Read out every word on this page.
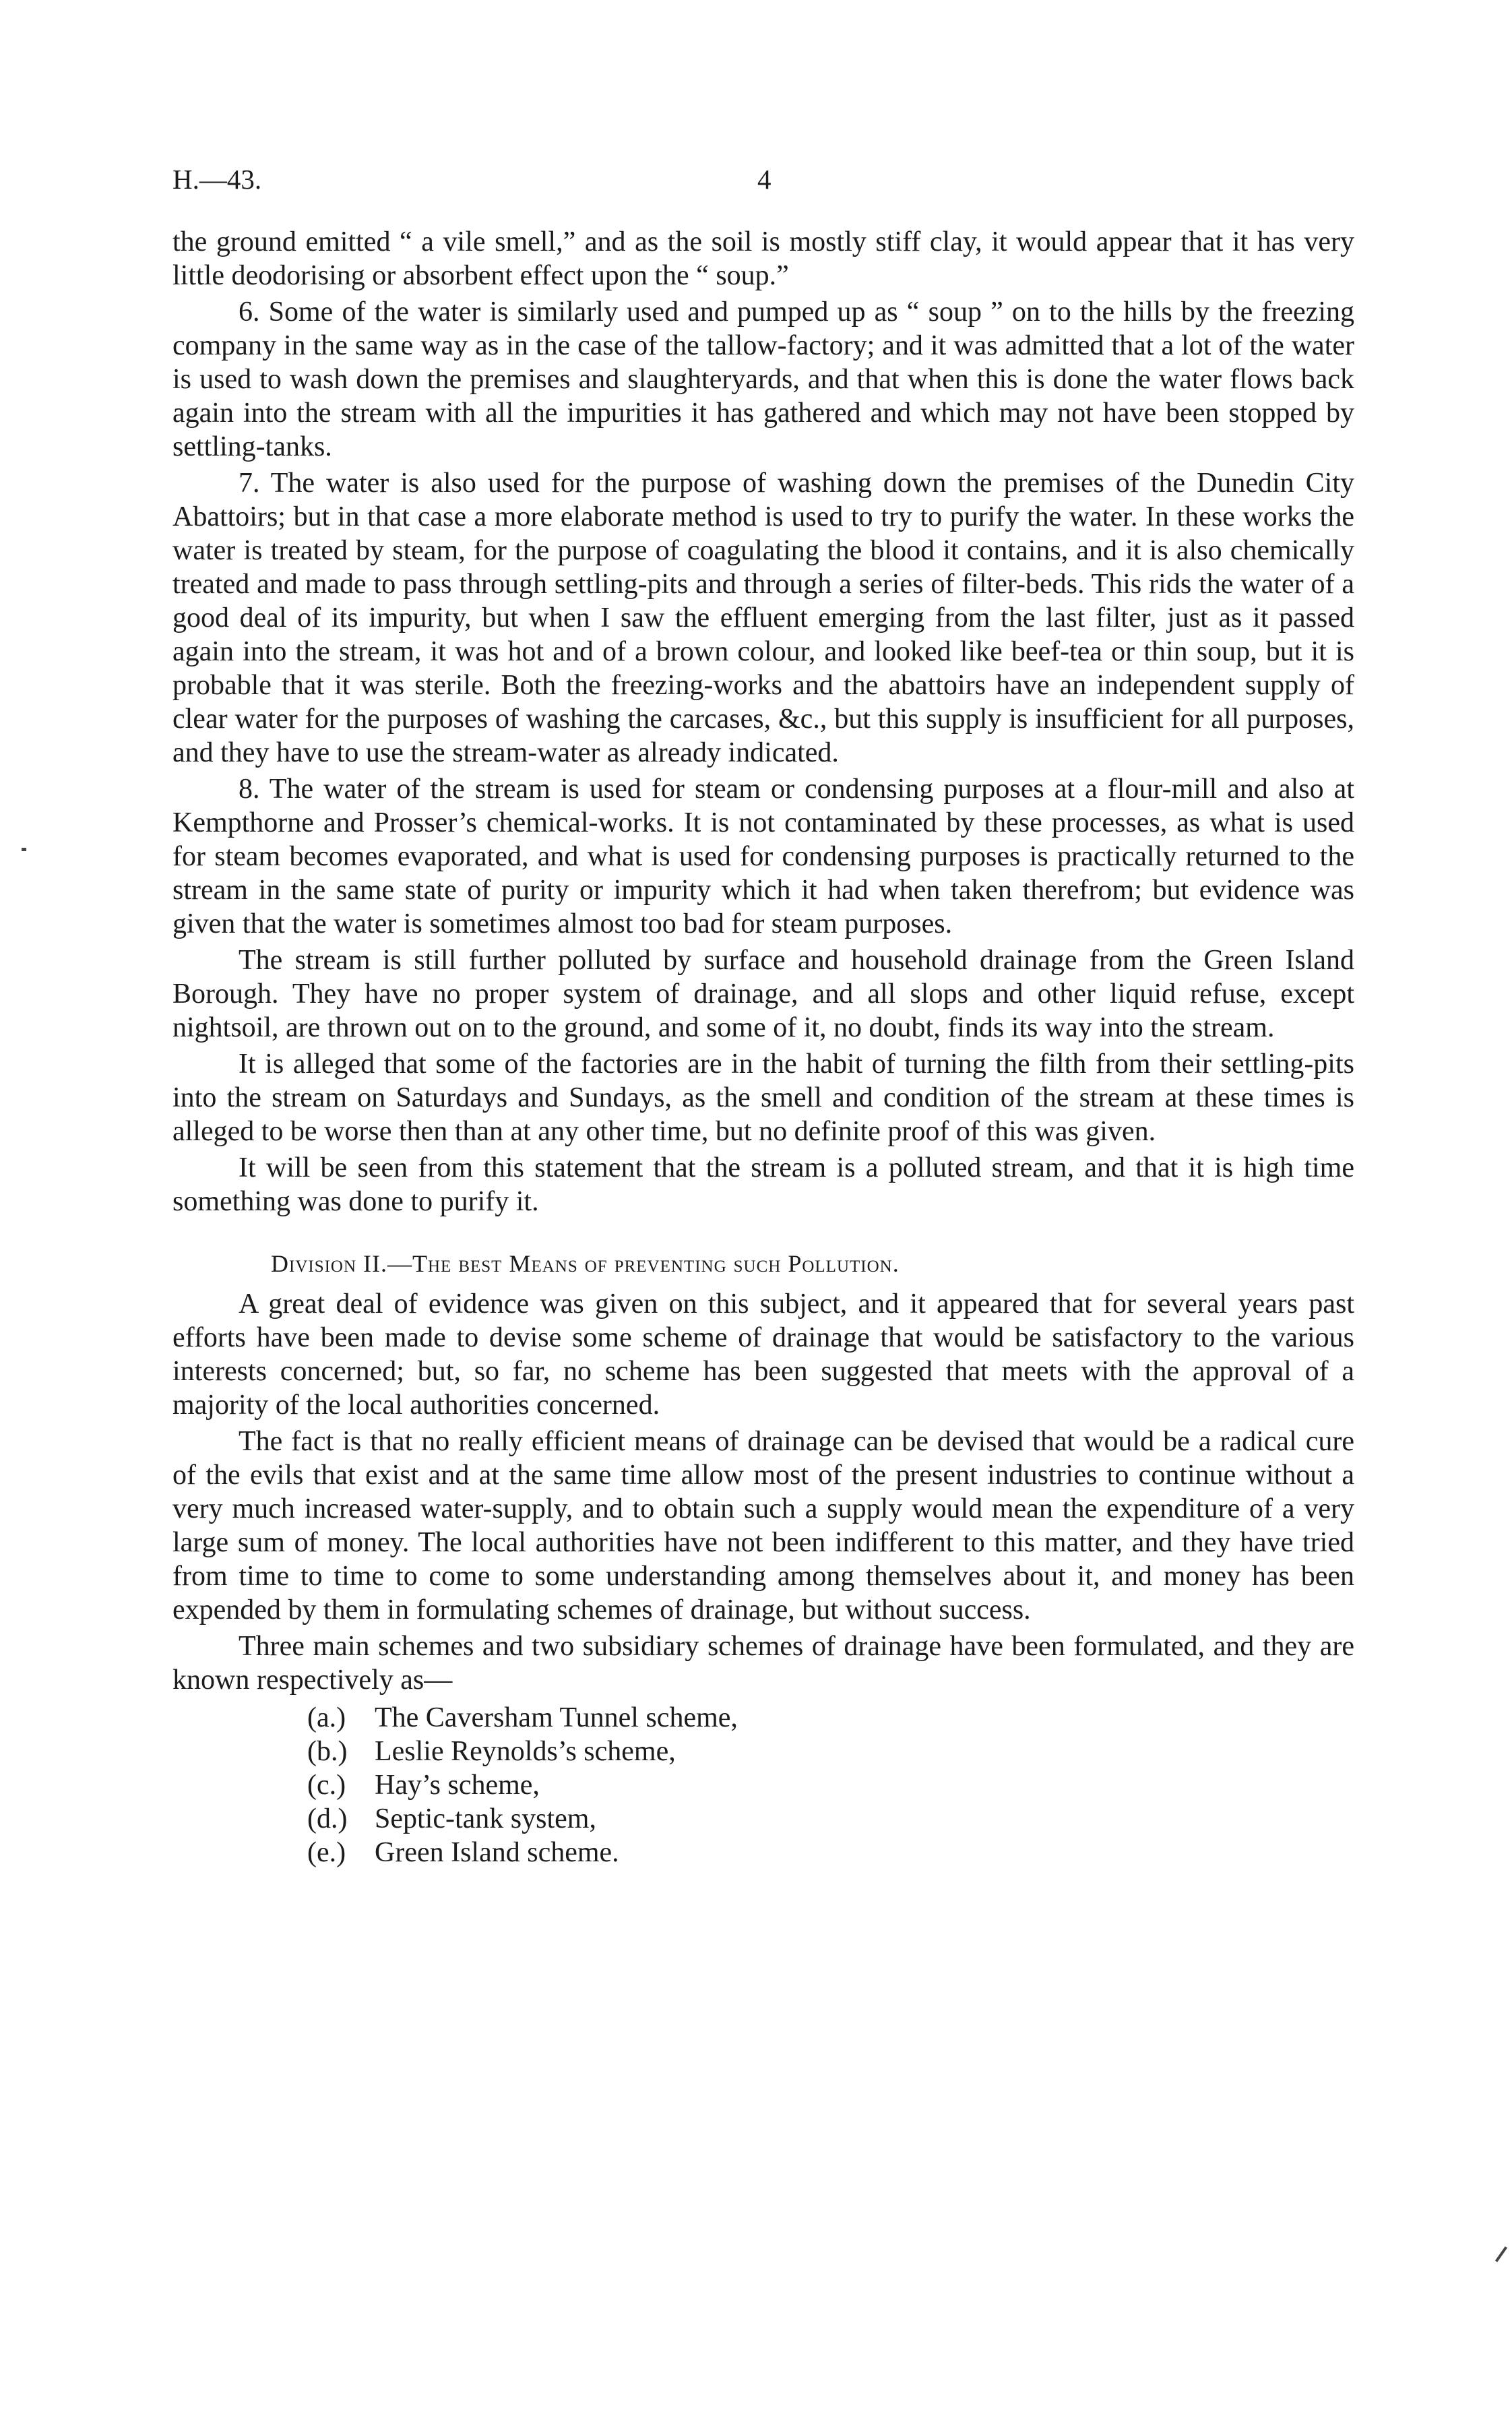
H.—43.	4

the ground emitted “ a vile smell,” and as the soil is mostly stiff clay, it would appear that it has very little deodorising or absorbent effect upon the “ soup.”

6. Some of the water is similarly used and pumped up as “ soup ” on to the hills by the freezing company in the same way as in the case of the tallow-factory; and it was admitted that a lot of the water is used to wash down the premises and slaughteryards, and that when this is done the water flows back again into the stream with all the impurities it has gathered and which may not have been stopped by settling-tanks.

7. The water is also used for the purpose of washing down the premises of the Dunedin City Abattoirs; but in that case a more elaborate method is used to try to purify the water. In these works the water is treated by steam, for the purpose of coagulating the blood it contains, and it is also chemically treated and made to pass through settling-pits and through a series of filter-beds. This rids the water of a good deal of its impurity, but when I saw the effluent emerging from the last filter, just as it passed again into the stream, it was hot and of a brown colour, and looked like beef-tea or thin soup, but it is probable that it was sterile. Both the freezing-works and the abattoirs have an independent supply of clear water for the purposes of washing the carcases, &c., but this supply is insufficient for all purposes, and they have to use the stream-water as already indicated.

8. The water of the stream is used for steam or condensing purposes at a flour-mill and also at Kempthorne and Prosser’s chemical-works. It is not contaminated by these processes, as what is used for steam becomes evaporated, and what is used for condensing purposes is practically returned to the stream in the same state of purity or impurity which it had when taken therefrom; but evidence was given that the water is sometimes almost too bad for steam purposes.

The stream is still further polluted by surface and household drainage from the Green Island Borough. They have no proper system of drainage, and all slops and other liquid refuse, except nightsoil, are thrown out on to the ground, and some of it, no doubt, finds its way into the stream.

It is alleged that some of the factories are in the habit of turning the filth from their settling-pits into the stream on Saturdays and Sundays, as the smell and condition of the stream at these times is alleged to be worse then than at any other time, but no definite proof of this was given.

It will be seen from this statement that the stream is a polluted stream, and that it is high time something was done to purify it.

Division II.—The best Means of preventing such Pollution.

A great deal of evidence was given on this subject, and it appeared that for several years past efforts have been made to devise some scheme of drainage that would be satisfactory to the various interests concerned; but, so far, no scheme has been suggested that meets with the approval of a majority of the local authorities concerned.

The fact is that no really efficient means of drainage can be devised that would be a radical cure of the evils that exist and at the same time allow most of the present industries to continue without a very much increased water-supply, and to obtain such a supply would mean the expenditure of a very large sum of money. The local authorities have not been indifferent to this matter, and they have tried from time to time to come to some understanding among themselves about it, and money has been expended by them in formulating schemes of drainage, but without success.

Three main schemes and two subsidiary schemes of drainage have been formulated, and they are known respectively as—

(a.) The Caversham Tunnel scheme,
(b.) Leslie Reynolds’s scheme,
(c.) Hay’s scheme,
(d.) Septic-tank system,
(e.) Green Island scheme.
